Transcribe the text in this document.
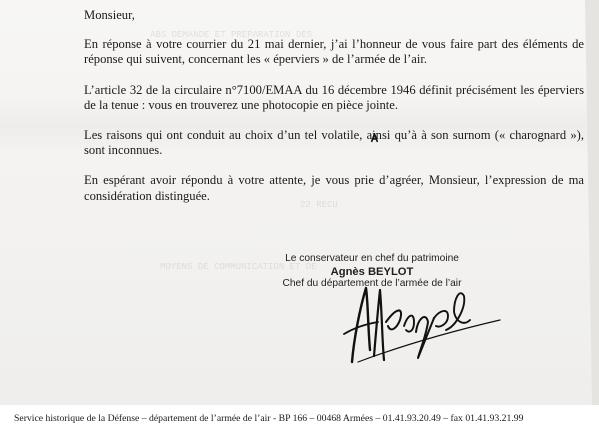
ABS DEMANDE ET PREPARATION DES
22 RECU
MOYENS DE COMMUNICATION ET DE

Monsieur,

En réponse à votre courrier du 21 mai dernier, j’ai l’honneur de vous faire part des éléments de réponse qui suivent, concernant les « éperviers » de l’armée de l’air.

L’article 32 de la circulaire n°7100/EMAA du 16 décembre 1946 définit précisément les éperviers de la tenue : vous en trouverez une photocopie en pièce jointe.

Les raisons qui ont conduit au choix d’un tel volatile, ainsi qu’à à son surnom (« charognard »), sont inconnues.

En espérant avoir répondu à votre attente, je vous prie d’agréer, Monsieur, l’expression de ma considération distinguée.

Le conservateur en chef du patrimoine
Agnès BEYLOT
Chef du département de l’armée de l’air
Service historique de la Défense – département de l’armée de l’air - BP 166 – 00468 Armées – 01.41.93.20.49 – fax 01.41.93.21.99
